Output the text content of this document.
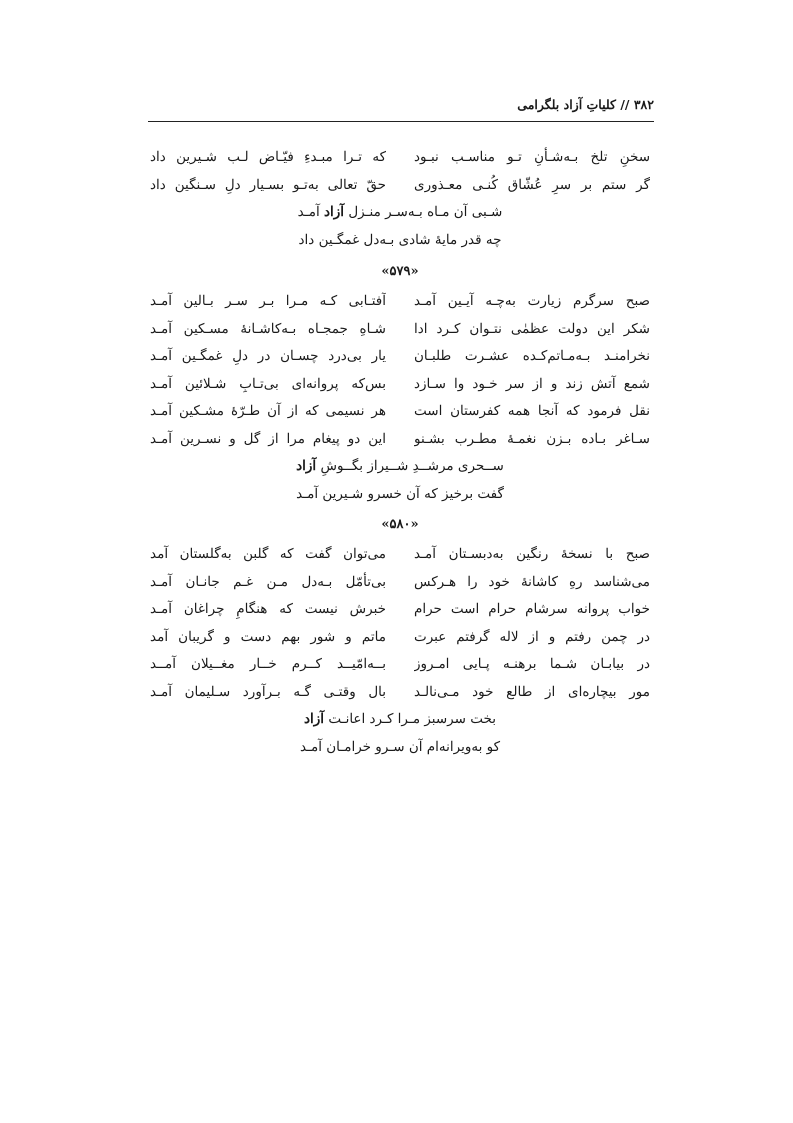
۳۸۲ // کلیاتِ آزاد بلگرامی
سخنِ تلخ بـه‌شـأنِ تـو مناسـب نبـود
که تـرا مبـدءِ فیّـاض لـب شـیرین داد
گر ستم بر سرِ عُشّاق کُنـی معـذوری
حقّ تعالی به‌تـو بسـیار دلِ سـنگین داد
شـبی آن مـاه بـه‌سـر منـزل آزاد آمـد
چه قدر مایهٔ شادی بـه‌دل غمگـین داد
«۵۷۹»
صبح سرگرم زیارت به‌چـه آیـین آمـد
آفتـابی کـه مـرا بـر سـر بـالین آمـد
شکر این دولت عظمٰی نتـوان کـرد ادا
شـاهِ جمجـاه بـه‌کاشـانهٔ مسـکین آمـد
نخرامنـد بـه‌مـاتم‌کـده عشـرت طلبـان
یار بی‌درد چسـان در دلِ غمگـین آمـد
شمع آتش زند و از سر خـود وا سـازد
بس‌که پروانه‌ای بی‌تـابِ شـلائین آمـد
نقل فرمود که آنجا همه کفرستان است
هر نسیمی که از آن طـرّهٔ مشـکین آمـد
سـاغر بـاده بـزن نغمـهٔ مطـرب بشـنو
این دو پیغام مرا از گل و نسـرین آمـد
ســحری مرشــدِ شــیراز بگــوشِ آزاد
گفت برخیز که آن خسرو شـیرین آمـد
«۵۸۰»
صبح با نسخهٔ رنگین به‌دبسـتان آمـد
می‌توان گفت که گلبن به‌گلستان آمد
می‌شناسد رهِ کاشانهٔ خود را هـرکس
بی‌تأمّل بـه‌دل مـن غـم جانـان آمـد
خواب پروانه سرشام حرام است حرام
خبرش نیست که هنگامِ چراغان آمـد
در چمن رفتم و از لاله گرفتم عبرت
ماتم و شور بهم دست و گریبان آمد
در بیابـان شـما برهنـه پـایی امـروز
بــه‌امّیــد کــرم خــار مغــیلان آمــد
مور بیچاره‌ای از طالع خود مـی‌نالـد
بال وقتـی گـه بـرآورد سـلیمان آمـد
بخت سرسبز مـرا کـرد اعانـت آزاد
کو به‌ویرانه‌ام آن سـرو خرامـان آمـد
